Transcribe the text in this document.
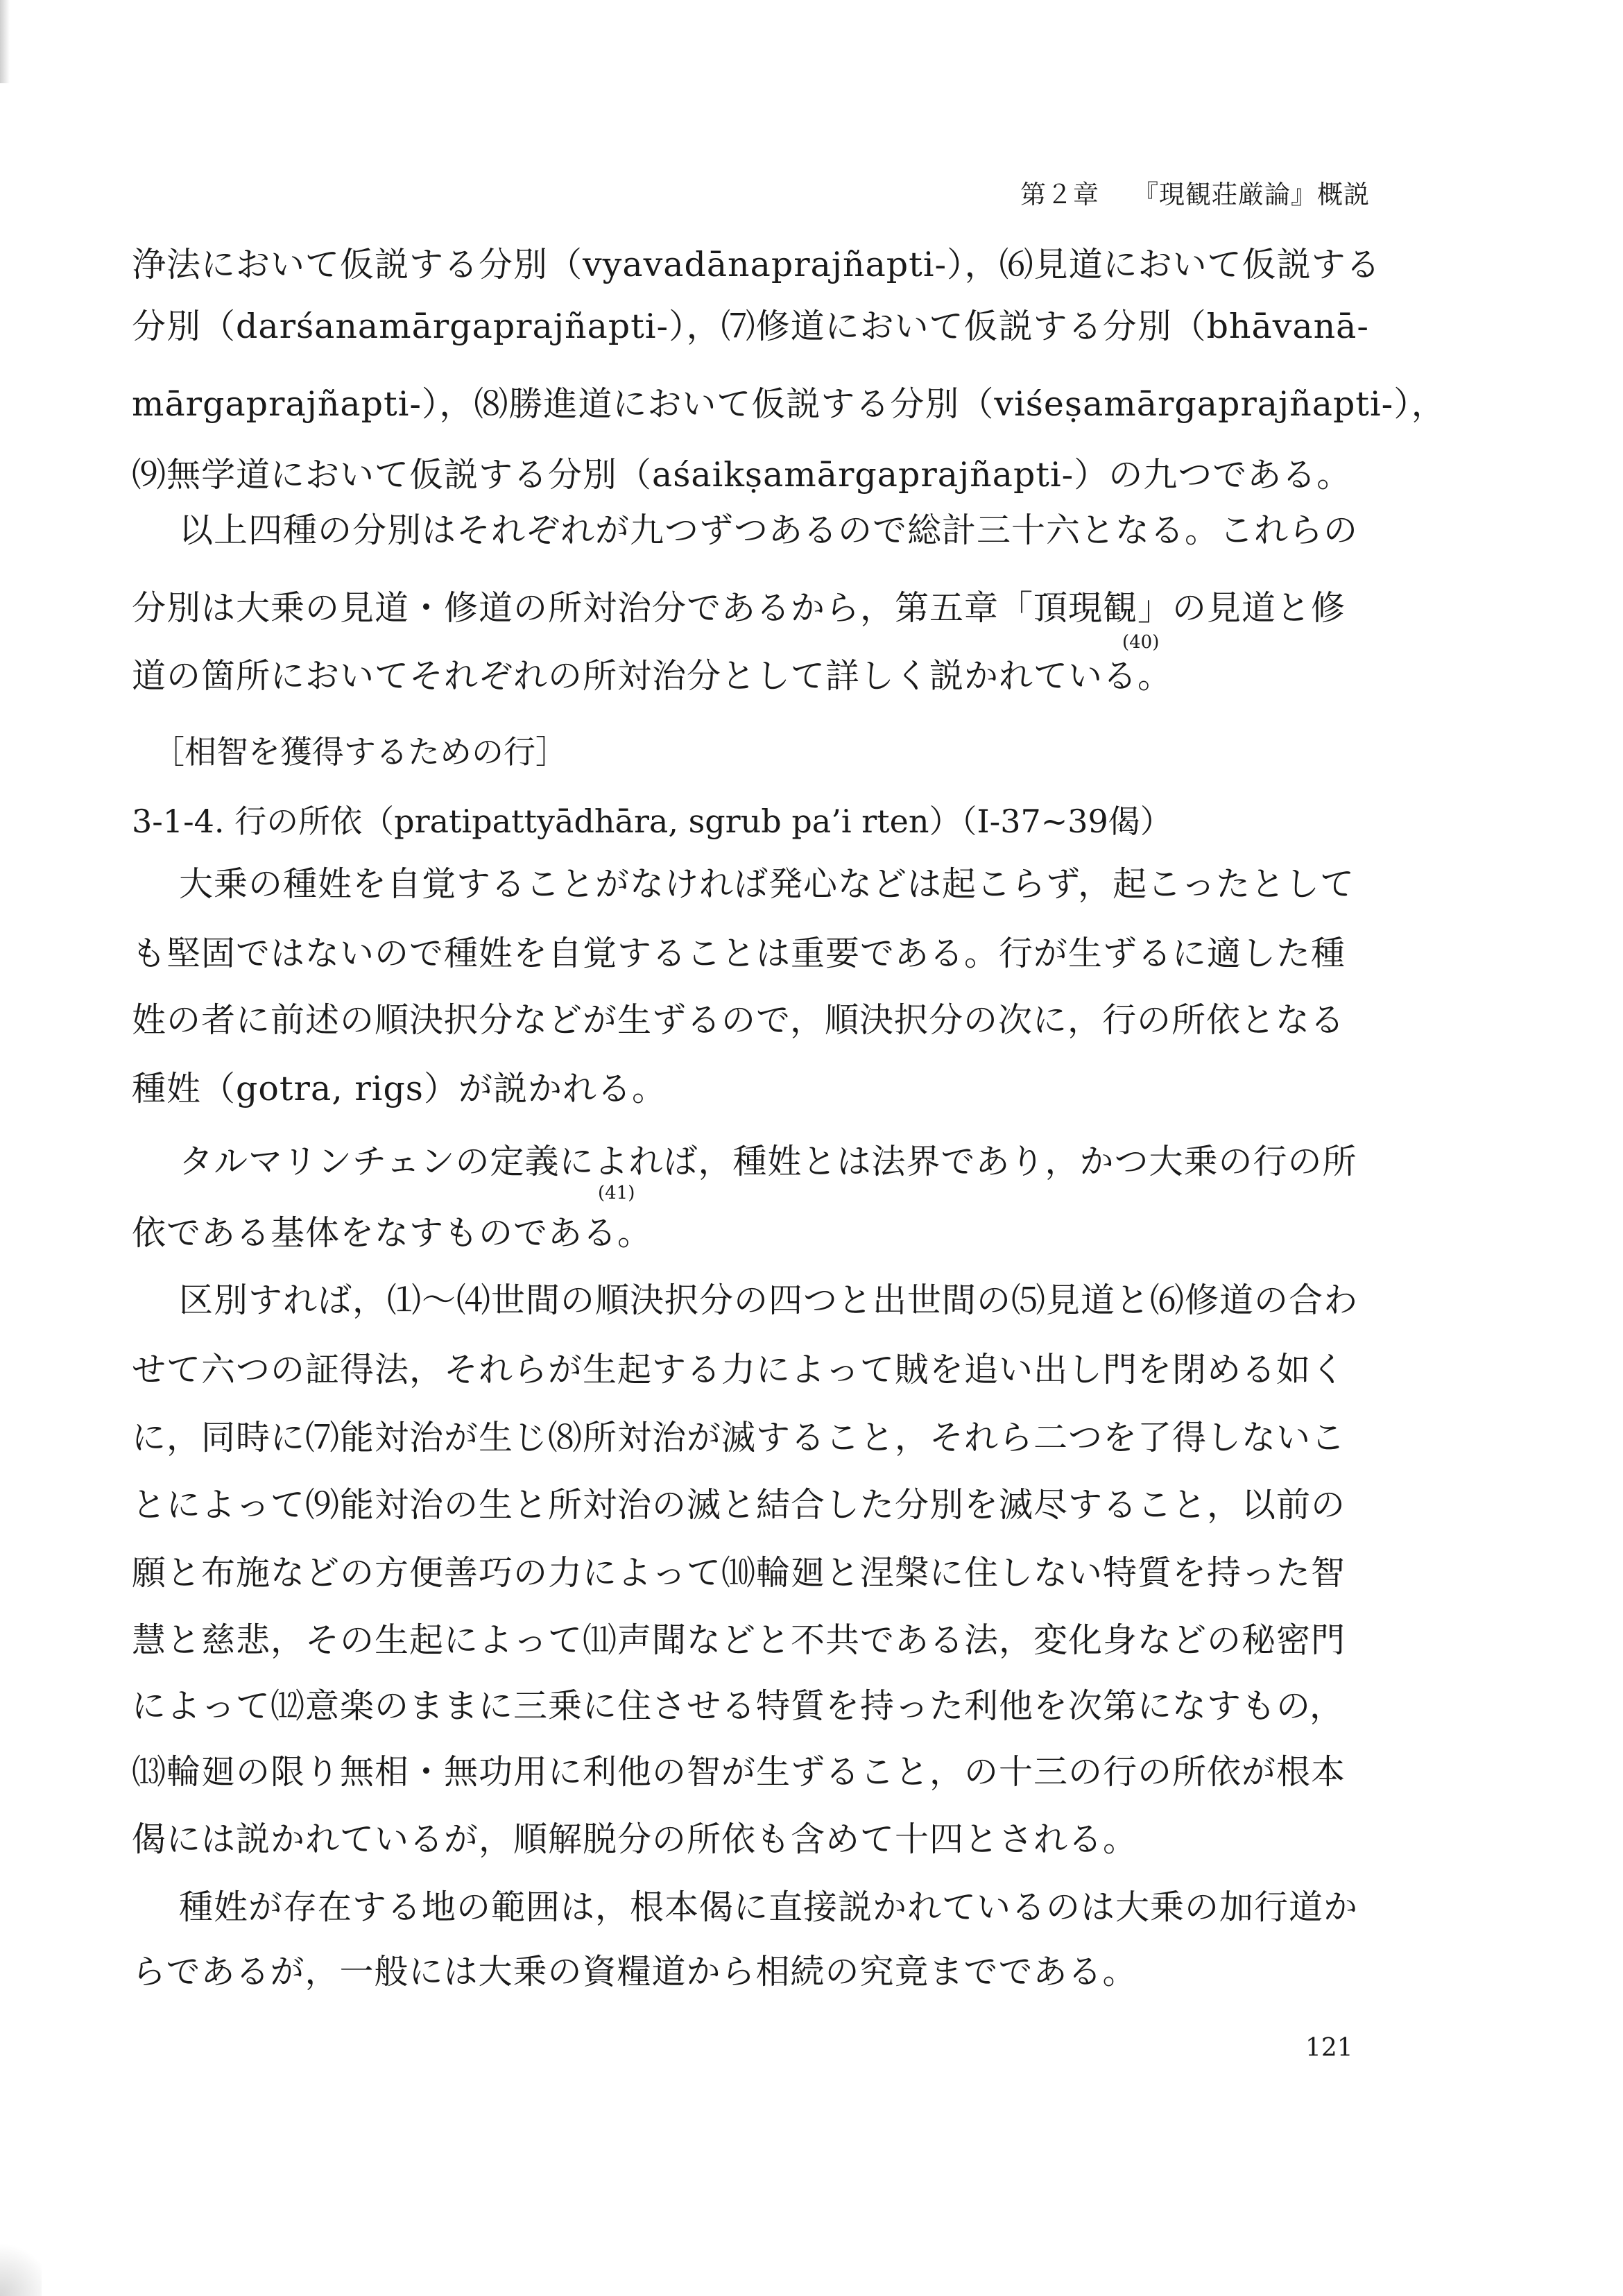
第２章 『現観荘厳論』概説
浄法において仮説する分別（vyavadānaprajñapti-），⑹見道において仮説する
分別（darśanamārgaprajñapti-），⑺修道において仮説する分別（bhāvanā-
mārgaprajñapti-），⑻勝進道において仮説する分別（viśeṣamārgaprajñapti-），
⑼無学道において仮説する分別（aśaikṣamārgaprajñapti-）の九つである。
以上四種の分別はそれぞれが九つずつあるので総計三十六となる。これらの
分別は大乗の見道・修道の所対治分であるから，第五章「頂現観」の見道と修
道の箇所においてそれぞれの所対治分として詳しく説かれている。
(40)
［相智を獲得するための行］
3-1-4. 行の所依（pratipattyādhāra, sgrub pa’i rten）（I-37~39偈）
大乗の種姓を自覚することがなければ発心などは起こらず，起こったとして
も堅固ではないので種姓を自覚することは重要である。行が生ずるに適した種
姓の者に前述の順決択分などが生ずるので，順決択分の次に，行の所依となる
種姓（gotra, rigs）が説かれる。
タルマリンチェンの定義によれば，種姓とは法界であり，かつ大乗の行の所
依である基体をなすものである。
(41)
区別すれば，⑴～⑷世間の順決択分の四つと出世間の⑸見道と⑹修道の合わ
せて六つの証得法，それらが生起する力によって賊を追い出し門を閉める如く
に，同時に⑺能対治が生じ⑻所対治が滅すること，それら二つを了得しないこ
とによって⑼能対治の生と所対治の滅と結合した分別を滅尽すること，以前の
願と布施などの方便善巧の力によって⑽輪廻と涅槃に住しない特質を持った智
慧と慈悲，その生起によって⑾声聞などと不共である法，変化身などの秘密門
によって⑿意楽のままに三乗に住させる特質を持った利他を次第になすもの，
⒀輪廻の限り無相・無功用に利他の智が生ずること，の十三の行の所依が根本
偈には説かれているが，順解脱分の所依も含めて十四とされる。
種姓が存在する地の範囲は，根本偈に直接説かれているのは大乗の加行道か
らであるが，一般には大乗の資糧道から相続の究竟までである。
121
